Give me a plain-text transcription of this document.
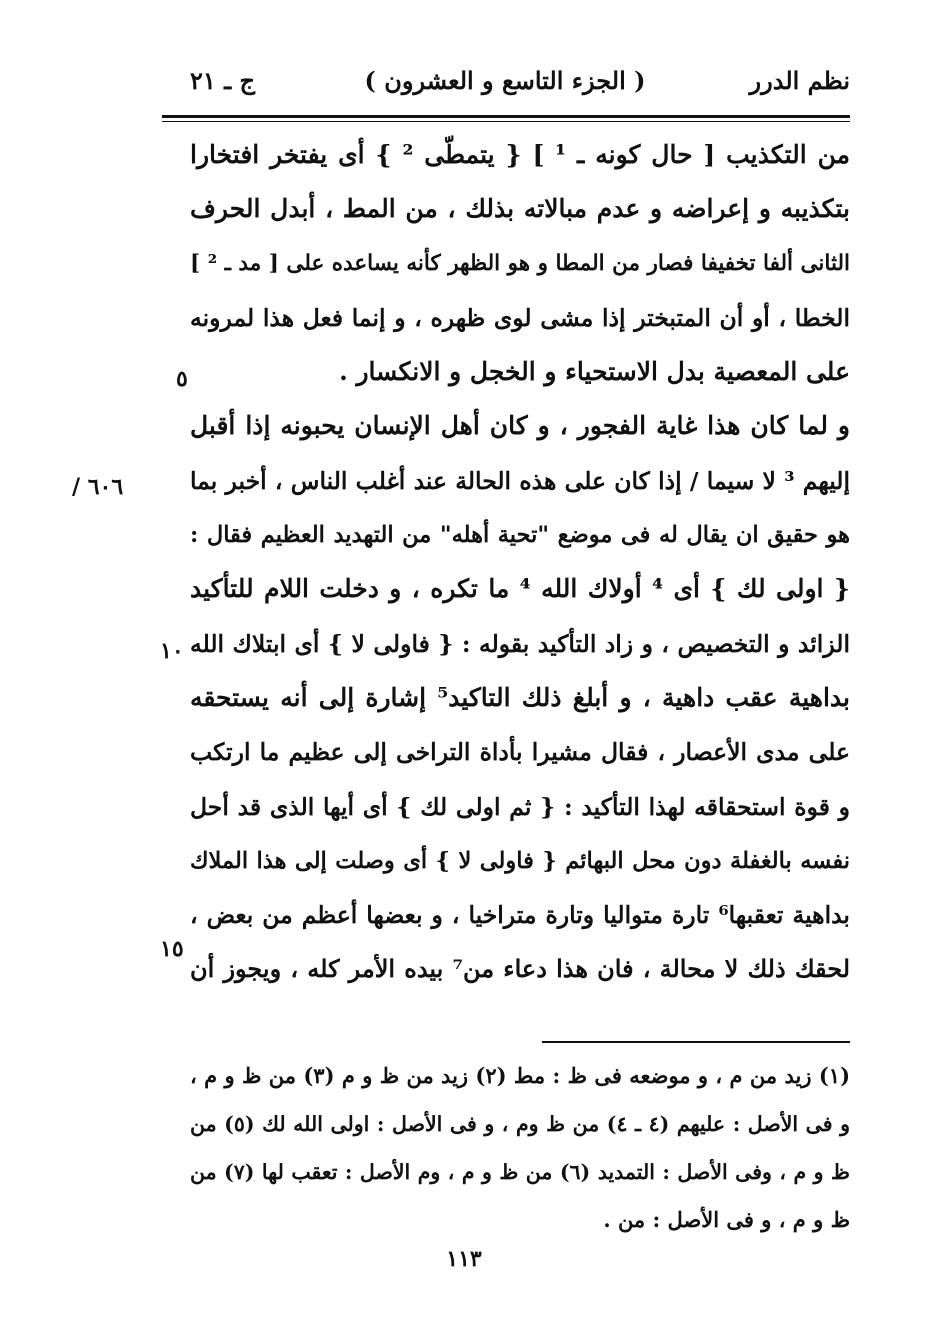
نظم الدرر
( الجزء التاسع و العشرون )
ج ـ ٢١
من التكذيب [ حال كونه ـ ¹ ] { يتمطّى ² } أى يفتخر افتخارا
بتكذيبه و إعراضه و عدم مبالاته بذلك ، من المط ، أبدل الحرف
الثانى ألفا تخفيفا فصار من المطا و هو الظهر كأنه يساعده على [ مد ـ ² ]
الخطا ، أو أن المتبختر إذا مشى لوى ظهره ، و إنما فعل هذا لمرونه
على المعصية بدل الاستحياء و الخجل و الانكسار .
و لما كان هذا غاية الفجور ، و كان أهل الإنسان يحبونه إذا أقبل
إليهم ³ لا سيما / إذا كان على هذه الحالة عند أغلب الناس ، أخبر بما
هو حقيق ان يقال له فى موضع "تحية أهله" من التهديد العظيم فقال :
{ اولى لك } أى ⁴ أولاك الله ⁴ ما تكره ، و دخلت اللام للتأكيد
الزائد و التخصيص ، و زاد التأكيد بقوله : { فاولى لا } أى ابتلاك الله
بداهية عقب داهية ، و أبلغ ذلك التاكيد⁵ إشارة إلى أنه يستحقه
على مدى الأعصار ، فقال مشيرا بأداة التراخى إلى عظيم ما ارتكب
و قوة استحقاقه لهذا التأكيد : { ثم اولى لك } أى أيها الذى قد أحل
نفسه بالغفلة دون محل البهائم { فاولى لا } أى وصلت إلى هذا الملاك
بداهية تعقبها⁶ تارة متواليا وتارة متراخيا ، و بعضها أعظم من بعض ،
لحقك ذلك لا محالة ، فان هذا دعاء من⁷ بيده الأمر كله ، ويجوز أن
٥
١٠
١٥
٦٠٦ /
(١) زيد من م ، و موضعه فى ظ : مط (٢) زيد من ظ و م (٣) من ظ و م ،
و فى الأصل : عليهم (٤ ـ ٤) من ظ وم ، و فى الأصل : اولى الله لك (٥) من
ظ و م ، وفى الأصل : التمديد (٦) من ظ و م ، وم الأصل : تعقب لها (٧) من
ظ و م ، و فى الأصل : من .
١١٣
